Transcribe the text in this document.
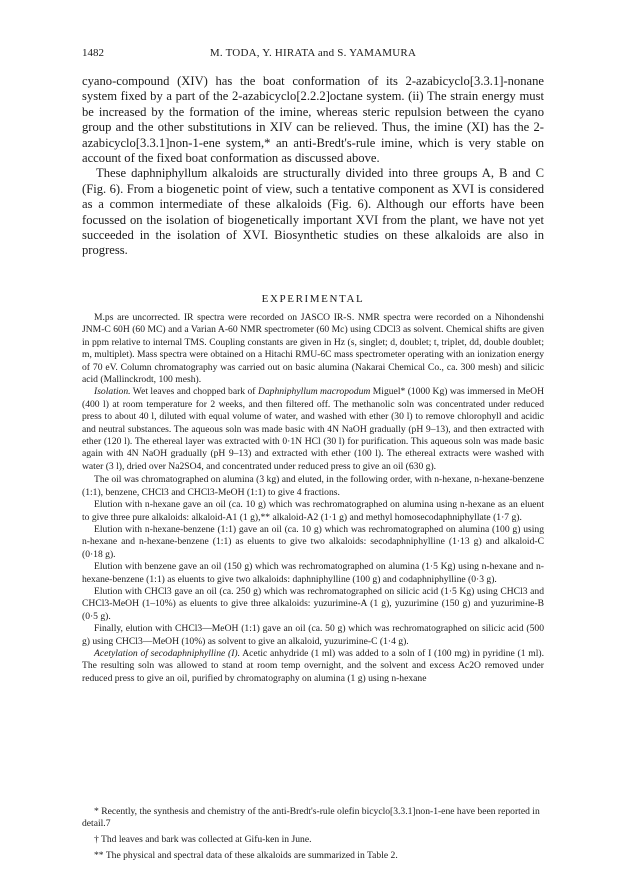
1482	M. TODA, Y. HIRATA and S. YAMAMURA

cyano-compound (XIV) has the boat conformation of its 2-azabicyclo[3.3.1]-nonane system fixed by a part of the 2-azabicyclo[2.2.2]octane system. (ii) The strain energy must be increased by the formation of the imine, whereas steric repulsion between the cyano group and the other substitutions in XIV can be relieved. Thus, the imine (XI) has the 2-azabicyclo[3.3.1]non-1-ene system,* an anti-Bredt's-rule imine, which is very stable on account of the fixed boat conformation as discussed above.

These daphniphyllum alkaloids are structurally divided into three groups A, B and C (Fig. 6). From a biogenetic point of view, such a tentative component as XVI is considered as a common intermediate of these alkaloids (Fig. 6). Although our efforts have been focussed on the isolation of biogenetically important XVI from the plant, we have not yet succeeded in the isolation of XVI. Biosynthetic studies on these alkaloids are also in progress.

EXPERIMENTAL

M.ps are uncorrected. IR spectra were recorded on JASCO IR-S. NMR spectra were recorded on a Nihondenshi JNM-C 60H (60 MC) and a Varian A-60 NMR spectrometer (60 Mc) using CDCl3 as solvent. Chemical shifts are given in ppm relative to internal TMS. Coupling constants are given in Hz (s, singlet; d, doublet; t, triplet, dd, double doublet; m, multiplet). Mass spectra were obtained on a Hitachi RMU-6C mass spectrometer operating with an ionization energy of 70 eV. Column chromatography was carried out on basic alumina (Nakarai Chemical Co., ca. 300 mesh) and silicic acid (Mallinckrodt, 100 mesh).

Isolation. Wet leaves and chopped bark of Daphniphyllum macropodum Miguel* (1000 Kg) was immersed in MeOH (400 l) at room temperature for 2 weeks, and then filtered off. The methanolic soln was concentrated under reduced press to about 40 l, diluted with equal volume of water, and washed with ether (30 l) to remove chlorophyll and acidic and neutral substances. The aqueous soln was made basic with 4N NaOH gradually (pH 9–13), and then extracted with ether (120 l). The ethereal layer was extracted with 0·1N HCl (30 l) for purification. This aqueous soln was made basic again with 4N NaOH gradually (pH 9–13) and extracted with ether (100 l). The ethereal extracts were washed with water (3 l), dried over Na2SO4, and concentrated under reduced press to give an oil (630 g).

The oil was chromatographed on alumina (3 kg) and eluted, in the following order, with n-hexane, n-hexane-benzene (1:1), benzene, CHCl3 and CHCl3-MeOH (1:1) to give 4 fractions.

Elution with n-hexane gave an oil (ca. 10 g) which was rechromatographed on alumina using n-hexane as an eluent to give three pure alkaloids: alkaloid-A1 (1 g),** alkaloid-A2 (1·1 g) and methyl homosecodaphniphyllate (1·7 g).

Elution with n-hexane-benzene (1:1) gave an oil (ca. 10 g) which was rechromatographed on alumina (100 g) using n-hexane and n-hexane-benzene (1:1) as eluents to give two alkaloids: secodaphniphylline (1·13 g) and alkaloid-C (0·18 g).

Elution with benzene gave an oil (150 g) which was rechromatographed on alumina (1·5 Kg) using n-hexane and n-hexane-benzene (1:1) as eluents to give two alkaloids: daphniphylline (100 g) and codaphniphylline (0·3 g).

Elution with CHCl3 gave an oil (ca. 250 g) which was rechromatographed on silicic acid (1·5 Kg) using CHCl3 and CHCl3-MeOH (1–10%) as eluents to give three alkaloids: yuzurimine-A (1 g), yuzurimine (150 g) and yuzurimine-B (0·5 g).

Finally, elution with CHCl3—MeOH (1:1) gave an oil (ca. 50 g) which was rechromatographed on silicic acid (500 g) using CHCl3—MeOH (10%) as solvent to give an alkaloid, yuzurimine-C (1·4 g).

Acetylation of secodaphniphylline (I). Acetic anhydride (1 ml) was added to a soln of I (100 mg) in pyridine (1 ml). The resulting soln was allowed to stand at room temp overnight, and the solvent and excess Ac2O removed under reduced press to give an oil, purified by chromatography on alumina (1 g) using n-hexane

* Recently, the synthesis and chemistry of the anti-Bredt's-rule olefin bicyclo[3.3.1]non-1-ene have been reported in detail.7

† Thd leaves and bark was collected at Gifu-ken in June.

** The physical and spectral data of these alkaloids are summarized in Table 2.
